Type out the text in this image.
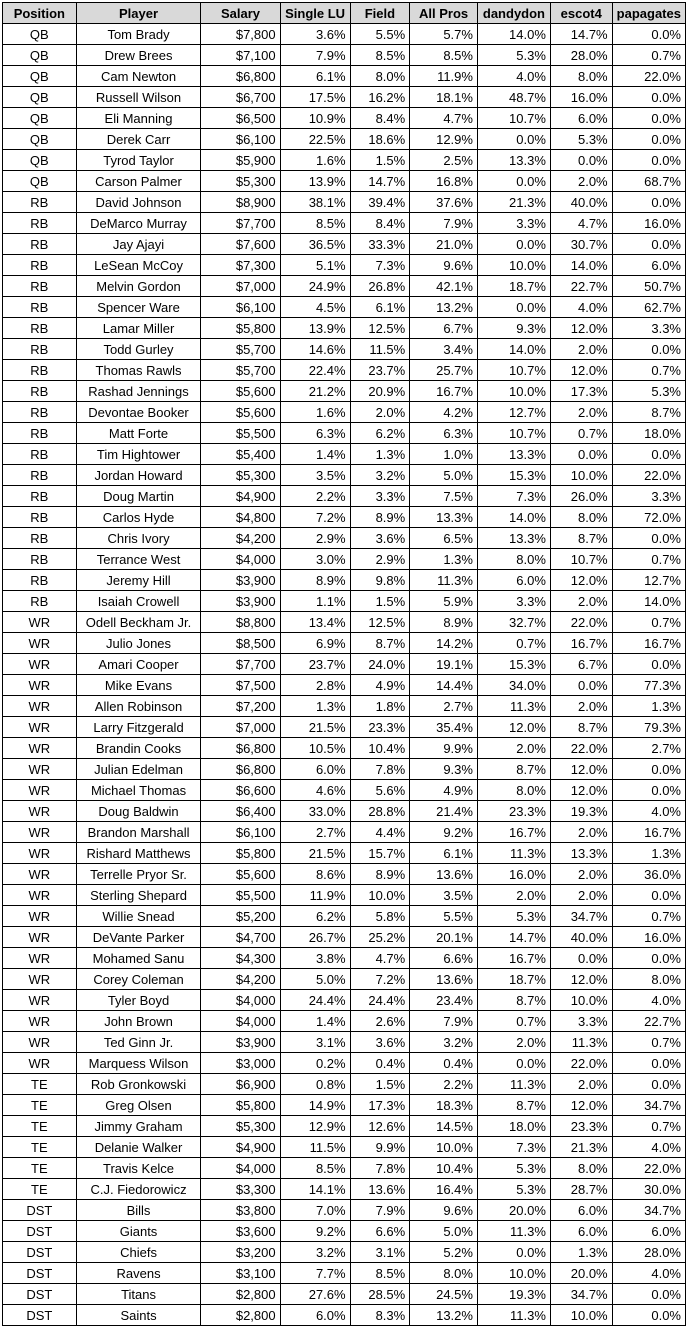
Position	Player	Salary	Single LU	Field	All Pros	dandydon	escot4	papagates
QB	Tom Brady	$7,800	3.6%	5.5%	5.7%	14.0%	14.7%	0.0%
QB	Drew Brees	$7,100	7.9%	8.5%	8.5%	5.3%	28.0%	0.7%
QB	Cam Newton	$6,800	6.1%	8.0%	11.9%	4.0%	8.0%	22.0%
QB	Russell Wilson	$6,700	17.5%	16.2%	18.1%	48.7%	16.0%	0.0%
QB	Eli Manning	$6,500	10.9%	8.4%	4.7%	10.7%	6.0%	0.0%
QB	Derek Carr	$6,100	22.5%	18.6%	12.9%	0.0%	5.3%	0.0%
QB	Tyrod Taylor	$5,900	1.6%	1.5%	2.5%	13.3%	0.0%	0.0%
QB	Carson Palmer	$5,300	13.9%	14.7%	16.8%	0.0%	2.0%	68.7%
RB	David Johnson	$8,900	38.1%	39.4%	37.6%	21.3%	40.0%	0.0%
RB	DeMarco Murray	$7,700	8.5%	8.4%	7.9%	3.3%	4.7%	16.0%
RB	Jay Ajayi	$7,600	36.5%	33.3%	21.0%	0.0%	30.7%	0.0%
RB	LeSean McCoy	$7,300	5.1%	7.3%	9.6%	10.0%	14.0%	6.0%
RB	Melvin Gordon	$7,000	24.9%	26.8%	42.1%	18.7%	22.7%	50.7%
RB	Spencer Ware	$6,100	4.5%	6.1%	13.2%	0.0%	4.0%	62.7%
RB	Lamar Miller	$5,800	13.9%	12.5%	6.7%	9.3%	12.0%	3.3%
RB	Todd Gurley	$5,700	14.6%	11.5%	3.4%	14.0%	2.0%	0.0%
RB	Thomas Rawls	$5,700	22.4%	23.7%	25.7%	10.7%	12.0%	0.7%
RB	Rashad Jennings	$5,600	21.2%	20.9%	16.7%	10.0%	17.3%	5.3%
RB	Devontae Booker	$5,600	1.6%	2.0%	4.2%	12.7%	2.0%	8.7%
RB	Matt Forte	$5,500	6.3%	6.2%	6.3%	10.7%	0.7%	18.0%
RB	Tim Hightower	$5,400	1.4%	1.3%	1.0%	13.3%	0.0%	0.0%
RB	Jordan Howard	$5,300	3.5%	3.2%	5.0%	15.3%	10.0%	22.0%
RB	Doug Martin	$4,900	2.2%	3.3%	7.5%	7.3%	26.0%	3.3%
RB	Carlos Hyde	$4,800	7.2%	8.9%	13.3%	14.0%	8.0%	72.0%
RB	Chris Ivory	$4,200	2.9%	3.6%	6.5%	13.3%	8.7%	0.0%
RB	Terrance West	$4,000	3.0%	2.9%	1.3%	8.0%	10.7%	0.7%
RB	Jeremy Hill	$3,900	8.9%	9.8%	11.3%	6.0%	12.0%	12.7%
RB	Isaiah Crowell	$3,900	1.1%	1.5%	5.9%	3.3%	2.0%	14.0%
WR	Odell Beckham Jr.	$8,800	13.4%	12.5%	8.9%	32.7%	22.0%	0.7%
WR	Julio Jones	$8,500	6.9%	8.7%	14.2%	0.7%	16.7%	16.7%
WR	Amari Cooper	$7,700	23.7%	24.0%	19.1%	15.3%	6.7%	0.0%
WR	Mike Evans	$7,500	2.8%	4.9%	14.4%	34.0%	0.0%	77.3%
WR	Allen Robinson	$7,200	1.3%	1.8%	2.7%	11.3%	2.0%	1.3%
WR	Larry Fitzgerald	$7,000	21.5%	23.3%	35.4%	12.0%	8.7%	79.3%
WR	Brandin Cooks	$6,800	10.5%	10.4%	9.9%	2.0%	22.0%	2.7%
WR	Julian Edelman	$6,800	6.0%	7.8%	9.3%	8.7%	12.0%	0.0%
WR	Michael Thomas	$6,600	4.6%	5.6%	4.9%	8.0%	12.0%	0.0%
WR	Doug Baldwin	$6,400	33.0%	28.8%	21.4%	23.3%	19.3%	4.0%
WR	Brandon Marshall	$6,100	2.7%	4.4%	9.2%	16.7%	2.0%	16.7%
WR	Rishard Matthews	$5,800	21.5%	15.7%	6.1%	11.3%	13.3%	1.3%
WR	Terrelle Pryor Sr.	$5,600	8.6%	8.9%	13.6%	16.0%	2.0%	36.0%
WR	Sterling Shepard	$5,500	11.9%	10.0%	3.5%	2.0%	2.0%	0.0%
WR	Willie Snead	$5,200	6.2%	5.8%	5.5%	5.3%	34.7%	0.7%
WR	DeVante Parker	$4,700	26.7%	25.2%	20.1%	14.7%	40.0%	16.0%
WR	Mohamed Sanu	$4,300	3.8%	4.7%	6.6%	16.7%	0.0%	0.0%
WR	Corey Coleman	$4,200	5.0%	7.2%	13.6%	18.7%	12.0%	8.0%
WR	Tyler Boyd	$4,000	24.4%	24.4%	23.4%	8.7%	10.0%	4.0%
WR	John Brown	$4,000	1.4%	2.6%	7.9%	0.7%	3.3%	22.7%
WR	Ted Ginn Jr.	$3,900	3.1%	3.6%	3.2%	2.0%	11.3%	0.7%
WR	Marquess Wilson	$3,000	0.2%	0.4%	0.4%	0.0%	22.0%	0.0%
TE	Rob Gronkowski	$6,900	0.8%	1.5%	2.2%	11.3%	2.0%	0.0%
TE	Greg Olsen	$5,800	14.9%	17.3%	18.3%	8.7%	12.0%	34.7%
TE	Jimmy Graham	$5,300	12.9%	12.6%	14.5%	18.0%	23.3%	0.7%
TE	Delanie Walker	$4,900	11.5%	9.9%	10.0%	7.3%	21.3%	4.0%
TE	Travis Kelce	$4,000	8.5%	7.8%	10.4%	5.3%	8.0%	22.0%
TE	C.J. Fiedorowicz	$3,300	14.1%	13.6%	16.4%	5.3%	28.7%	30.0%
DST	Bills	$3,800	7.0%	7.9%	9.6%	20.0%	6.0%	34.7%
DST	Giants	$3,600	9.2%	6.6%	5.0%	11.3%	6.0%	6.0%
DST	Chiefs	$3,200	3.2%	3.1%	5.2%	0.0%	1.3%	28.0%
DST	Ravens	$3,100	7.7%	8.5%	8.0%	10.0%	20.0%	4.0%
DST	Titans	$2,800	27.6%	28.5%	24.5%	19.3%	34.7%	0.0%
DST	Saints	$2,800	6.0%	8.3%	13.2%	11.3%	10.0%	0.0%
